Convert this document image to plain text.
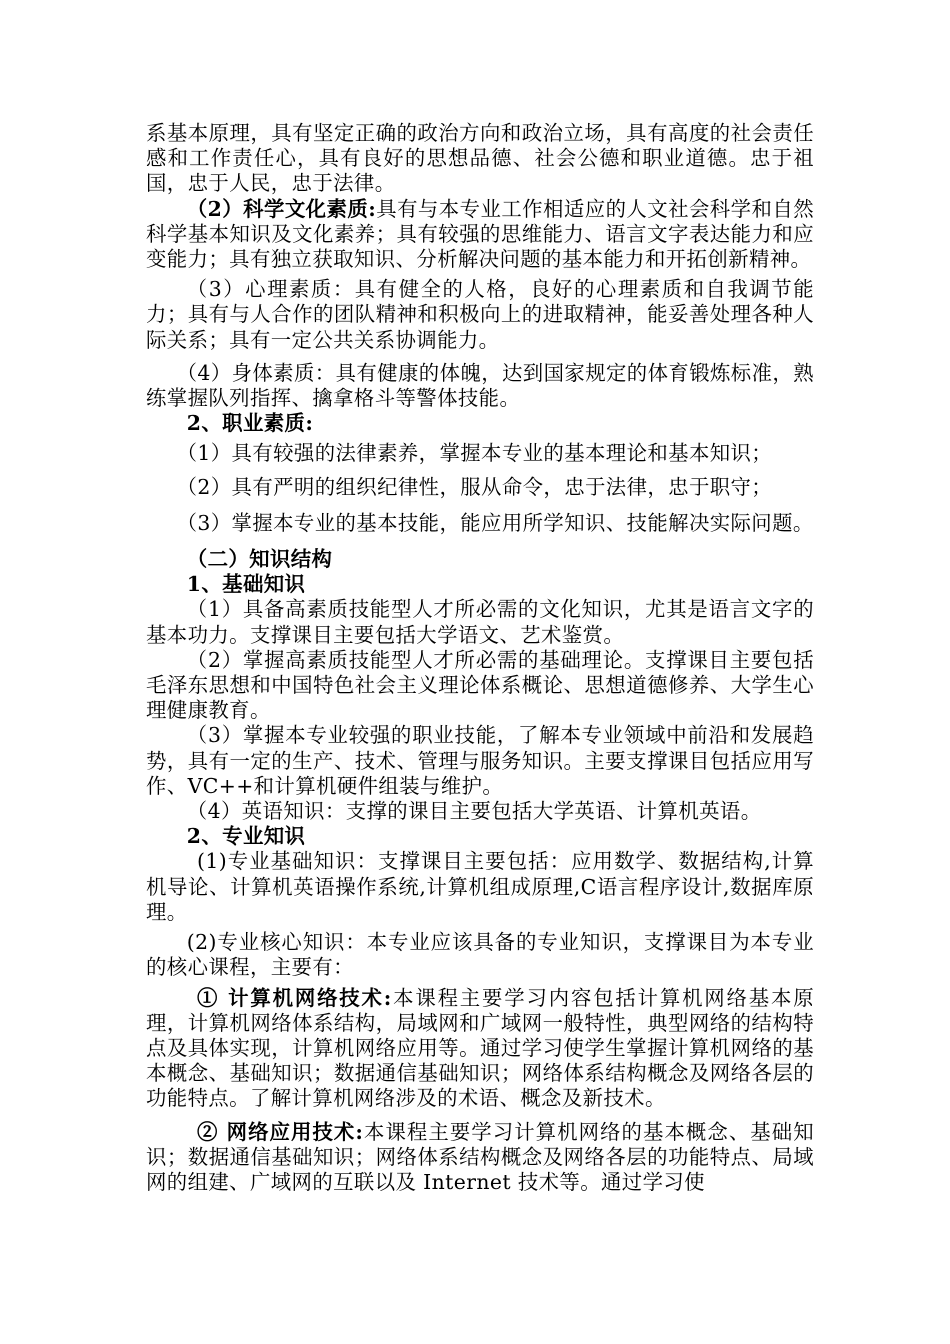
系基本原理，具有坚定正确的政治方向和政治立场，具有高度的社会责任感和工作责任心，具有良好的思想品德、社会公德和职业道德。忠于祖国，忠于人民，忠于法律。

（2）科学文化素质:具有与本专业工作相适应的人文社会科学和自然科学基本知识及文化素养；具有较强的思维能力、语言文字表达能力和应变能力；具有独立获取知识、分析解决问题的基本能力和开拓创新精神。

（3）心理素质：具有健全的人格，良好的心理素质和自我调节能力；具有与人合作的团队精神和积极向上的进取精神，能妥善处理各种人际关系；具有一定公共关系协调能力。

（4）身体素质：具有健康的体魄，达到国家规定的体育锻炼标准，熟练掌握队列指挥、擒拿格斗等警体技能。

2、职业素质:

（1）具有较强的法律素养，掌握本专业的基本理论和基本知识；

（2）具有严明的组织纪律性，服从命令，忠于法律，忠于职守；

（3）掌握本专业的基本技能，能应用所学知识、技能解决实际问题。

（二）知识结构

1、基础知识

（1）具备高素质技能型人才所必需的文化知识，尤其是语言文字的基本功力。支撑课目主要包括大学语文、艺术鉴赏。

（2）掌握高素质技能型人才所必需的基础理论。支撑课目主要包括毛泽东思想和中国特色社会主义理论体系概论、思想道德修养、大学生心理健康教育。

（3）掌握本专业较强的职业技能，了解本专业领域中前沿和发展趋势，具有一定的生产、技术、管理与服务知识。主要支撑课目包括应用写作、VC++和计算机硬件组装与维护。

（4）英语知识：支撑的课目主要包括大学英语、计算机英语。

2、专业知识

(1)专业基础知识：支撑课目主要包括：应用数学、数据结构,计算机导论、计算机英语操作系统,计算机组成原理,C语言程序设计,数据库原理。

(2)专业核心知识：本专业应该具备的专业知识，支撑课目为本专业的核心课程，主要有：

① 计算机网络技术:本课程主要学习内容包括计算机网络基本原理，计算机网络体系结构，局域网和广域网一般特性，典型网络的结构特点及具体实现，计算机网络应用等。通过学习使学生掌握计算机网络的基本概念、基础知识；数据通信基础知识；网络体系结构概念及网络各层的功能特点。了解计算机网络涉及的术语、概念及新技术。

② 网络应用技术:本课程主要学习计算机网络的基本概念、基础知识；数据通信基础知识；网络体系结构概念及网络各层的功能特点、局域网的组建、广域网的互联以及 Internet 技术等。通过学习使
